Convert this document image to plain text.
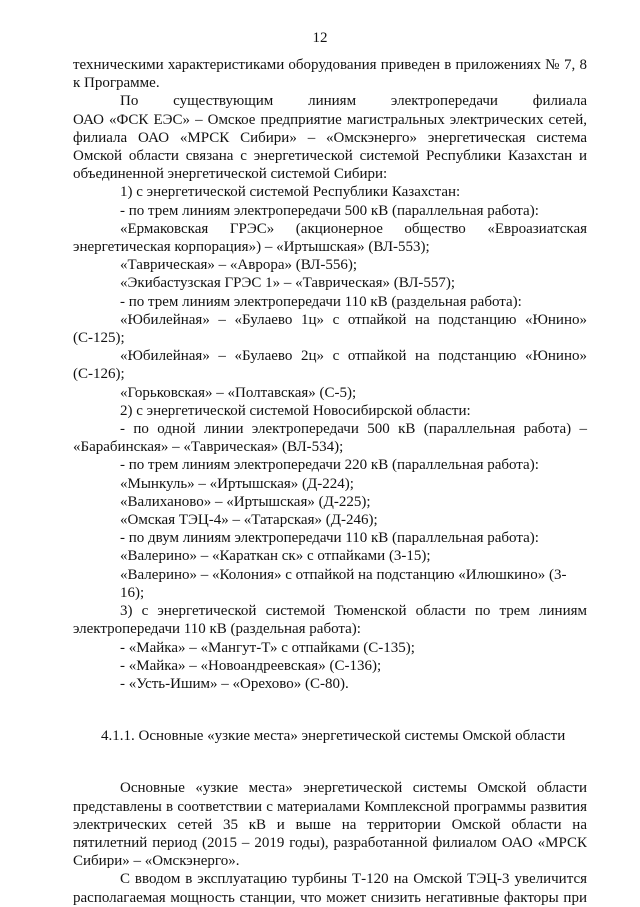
12

техническими характеристиками оборудования приведен в приложениях № 7, 8

к Программе.

По существующим линиям электропередачи филиала

ОАО «ФСК ЕЭС» – Омское предприятие магистральных электрических сетей,

филиала ОАО «МРСК Сибири» – «Омскэнерго» энергетическая система

Омской области связана с энергетической системой Республики Казахстан и

объединенной энергетической системой Сибири:

1) с энергетической системой Республики Казахстан:

- по трем линиям электропередачи 500 кВ (параллельная работа):

«Ермаковская ГРЭС» (акционерное общество «Евроазиатская

энергетическая корпорация») – «Иртышская» (ВЛ-553);

«Таврическая» – «Аврора» (ВЛ-556);

«Экибастузская ГРЭС 1» – «Таврическая» (ВЛ-557);

- по трем линиям электропередачи 110 кВ (раздельная работа):

«Юбилейная» – «Булаево 1ц» с отпайкой на подстанцию «Юнино»

(С-125);

«Юбилейная» – «Булаево 2ц» с отпайкой на подстанцию «Юнино»

(С-126);

«Горьковская» – «Полтавская» (С-5);

2) с энергетической системой Новосибирской области:

- по одной линии электропередачи 500 кВ (параллельная работа) –

«Барабинская» – «Таврическая» (ВЛ-534);

- по трем линиям электропередачи 220 кВ (параллельная работа):

«Мынкуль» – «Иртышская» (Д-224);

«Валиханово» – «Иртышская» (Д-225);

«Омская ТЭЦ-4» – «Татарская» (Д-246);

- по двум линиям электропередачи 110 кВ (параллельная работа):

«Валерино» – «Караткан ск» с отпайками (3-15);

«Валерино» – «Колония» с отпайкой на подстанцию «Илюшкино» (3-16);

3) с энергетической системой Тюменской области по трем линиям

электропередачи 110 кВ (раздельная работа):

- «Майка» – «Мангут-Т» с отпайками (С-135);

- «Майка» – «Новоандреевская» (С-136);

- «Усть-Ишим» – «Орехово» (С-80).

4.1.1. Основные «узкие места» энергетической системы Омской области

Основные «узкие места» энергетической системы Омской области

представлены в соответствии с материалами Комплексной программы развития

электрических сетей 35 кВ и выше на территории Омской области на

пятилетний период (2015 – 2019 годы), разработанной филиалом ОАО «МРСК

Сибири» – «Омскэнерго».

С вводом в эксплуатацию турбины Т-120 на Омской ТЭЦ-3 увеличится

располагаемая мощность станции, что может снизить негативные факторы при
